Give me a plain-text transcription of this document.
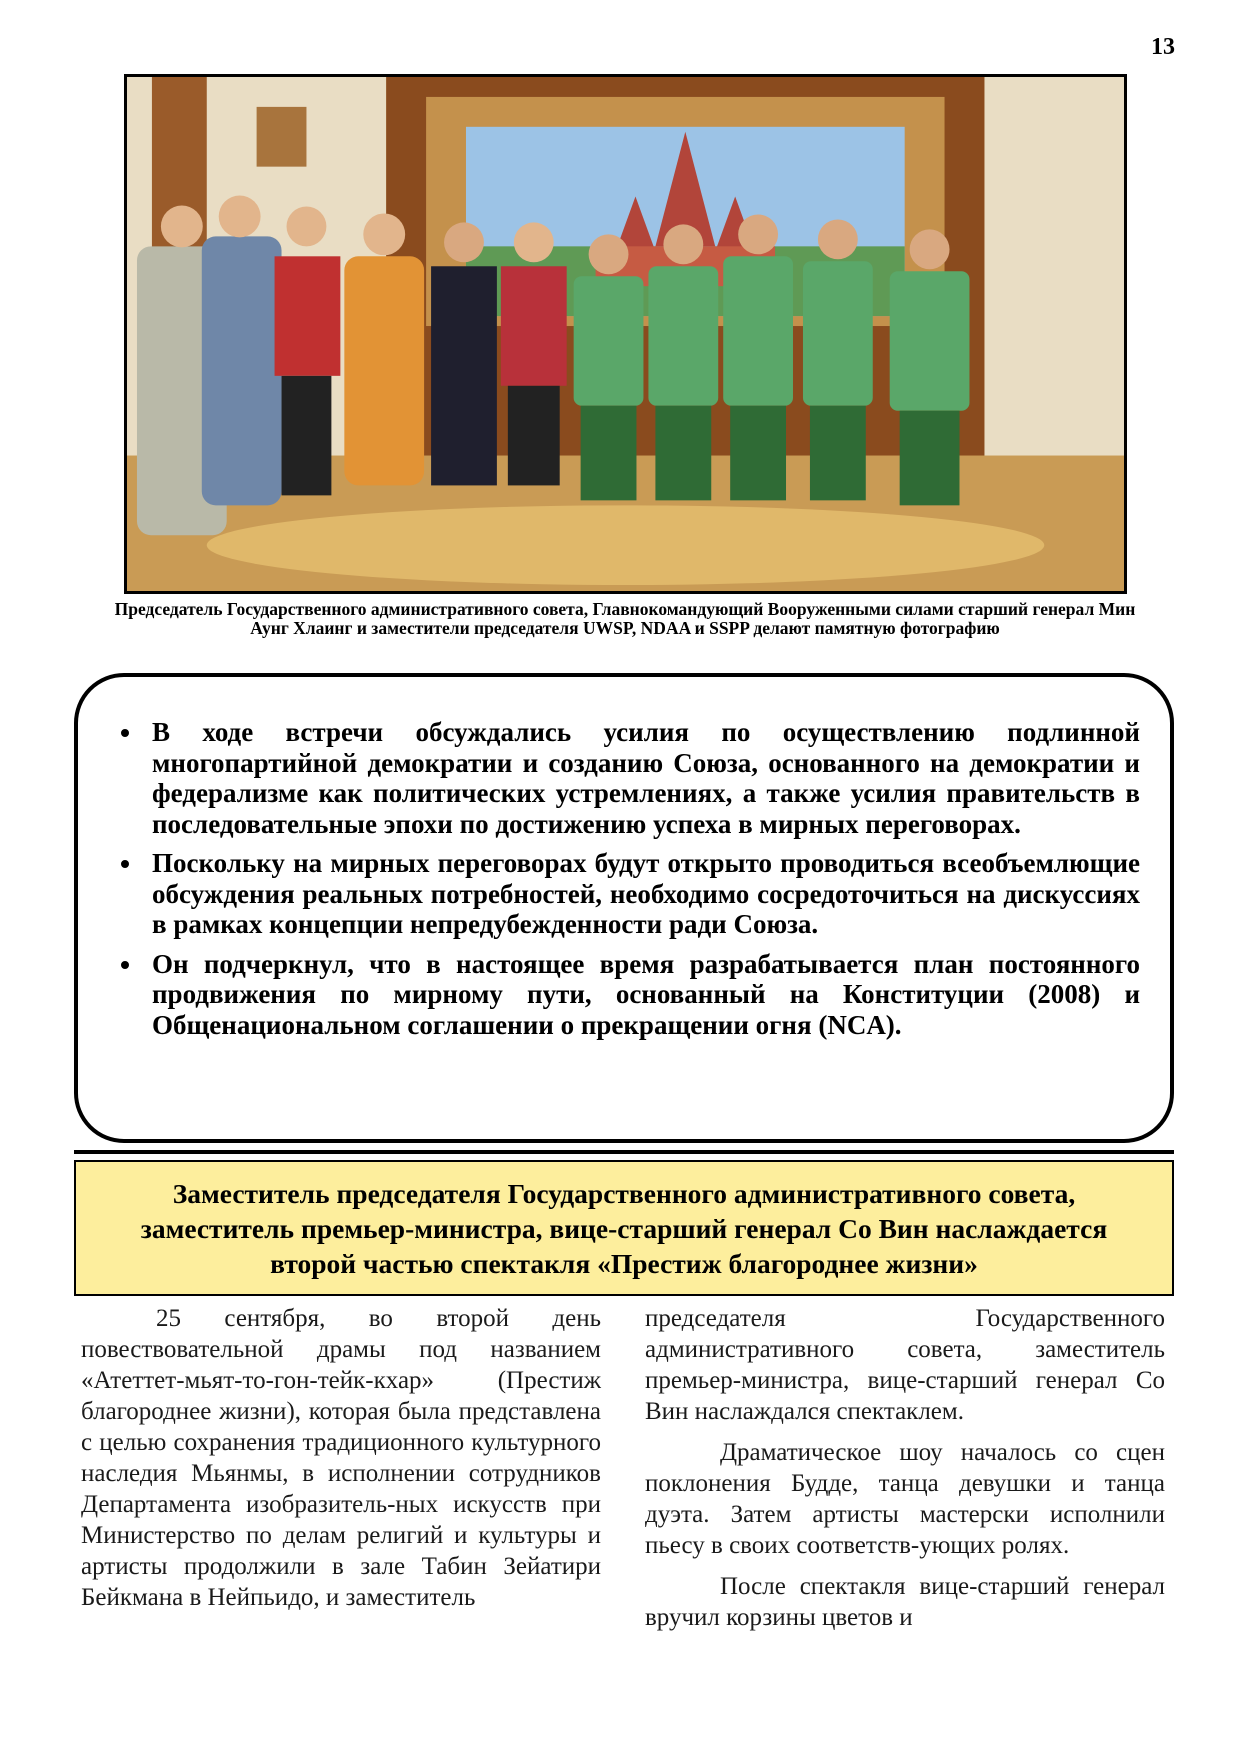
13
Председатель Государственного административного совета, Главнокомандующий Вооруженными силами старший генерал Мин Аунг Хлаинг и заместители председателя UWSP, NDAA и SSPP делают памятную фотографию
• В ходе встречи обсуждались усилия по осуществлению подлинной многопартийной демократии и созданию Союза, основанного на демократии и федерализме как политических устремлениях, а также усилия правительств в последовательные эпохи по достижению успеха в мирных переговорах.
• Поскольку на мирных переговорах будут открыто проводиться всеобъемлющие обсуждения реальных потребностей, необходимо сосредоточиться на дискуссиях в рамках концепции непредубежденности ради Союза.
• Он подчеркнул, что в настоящее время разрабатывается план постоянного продвижения по мирному пути, основанный на Конституции (2008) и Общенациональном соглашении о прекращении огня (NCA).
Заместитель председателя Государственного административного совета, заместитель премьер-министра, вице-старший генерал Со Вин наслаждается второй частью спектакля «Престиж благороднее жизни»

25 сентября, во второй день повествовательной драмы под названием «Атеттет-мьят-то-гон-тейк-кхар» (Престиж благороднее жизни), которая была представлена с целью сохранения традиционного культурного наследия Мьянмы, в исполнении сотрудников Департамента изобразитель-ных искусств при Министерство по делам религий и культуры и артисты продолжили в зале Табин Зейатири Бейкмана в Нейпьидо, и заместитель

председателя Государственного административного совета, заместитель премьер-министра, вице-старший генерал Со Вин наслаждался спектаклем.

Драматическое шоу началось со сцен поклонения Будде, танца девушки и танца дуэта. Затем артисты мастерски исполнили пьесу в своих соответств-ующих ролях.

После спектакля вице-старший генерал вручил корзины цветов и
